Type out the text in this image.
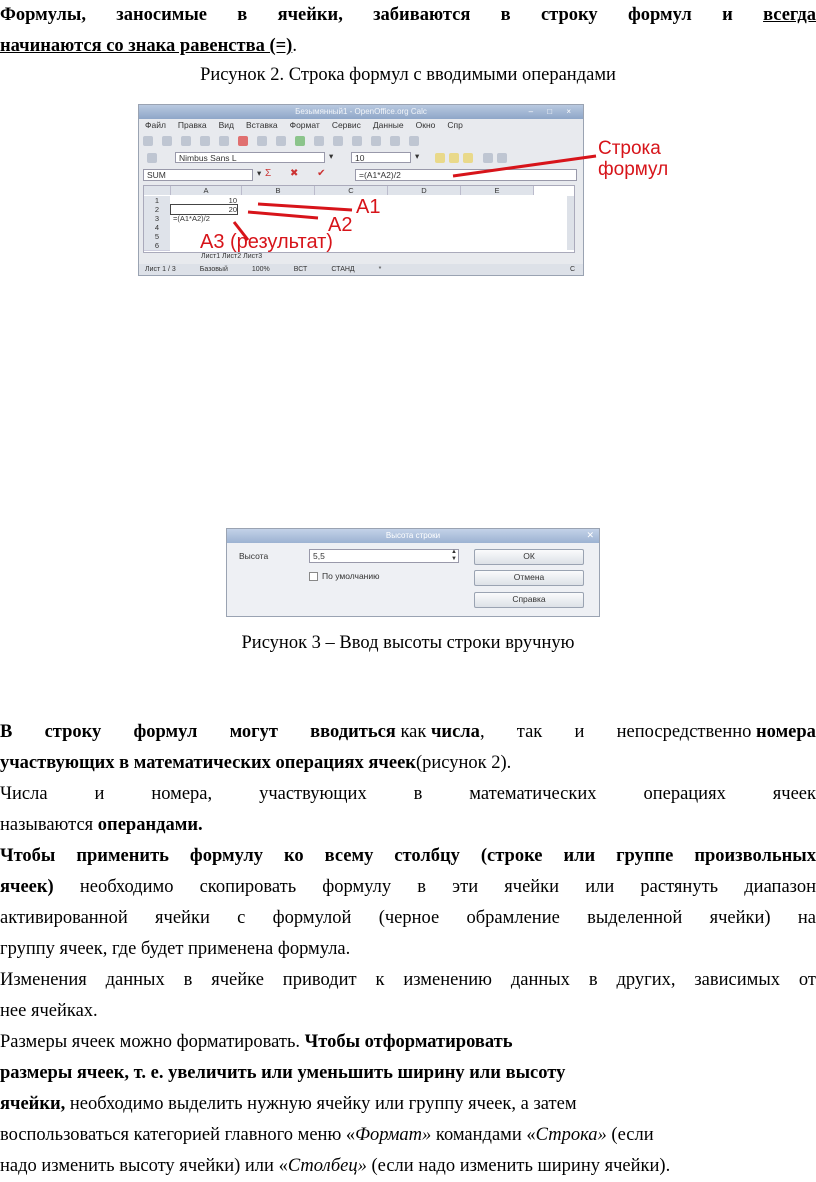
Формулы, заносимые в ячейки, забиваются в строку формул и всегда

начинаются со знака равенства (=).

Рисунок 2. Строка формул с вводимыми операндами
Безымянный1 - OpenOffice.org Calc	– □ ×
Файл Правка Вид Вставка Формат Сервис Данные Окно Спр
Nimbus Sans L	▾	10	▾
SUM	▾ Σ ✖ ✔	=(A1*A2)/2
A	B	C	D	E
1
2
3
4
5
6
10
20
=(A1*A2)/2
Лист1 Лист2 Лист3
Лист 1 / 3	Базовый	100%	ВСТ	СТАНД	*	С
Строка
формул
A1
A2
A3 (результат)
Высота строки	✕
Высота	5,5	▲
▼
По умолчанию
ОК
Отмена
Справка
Рисунок 3 – Ввод высоты строки вручную

В строку формул могут вводиться как числа, так и непосредственно номера

участвующих в математических операциях ячеек(рисунок 2).

Числа	и	номера,	участвующих	в	математических	операциях	ячеек

называются операндами.

Чтобы применить формулу ко всему столбцу (строке или группе произвольных

ячеек) необходимо скопировать формулу в эти ячейки или растянуть диапазон

активированной ячейки с формулой (черное обрамление выделенной ячейки) на

группу ячеек, где будет применена формула.

Изменения данных в ячейке приводит к изменению данных в других, зависимых от

нее ячейках.

Размеры ячеек можно форматировать. Чтобы отформатировать

размеры ячеек, т. е. увеличить или уменьшить ширину или высоту

ячейки, необходимо выделить нужную ячейку или группу ячеек, а затем

воспользоваться категорией главного меню «Формат» командами «Строка» (если

надо изменить высоту ячейки) или «Столбец» (если надо изменить ширину ячейки).
